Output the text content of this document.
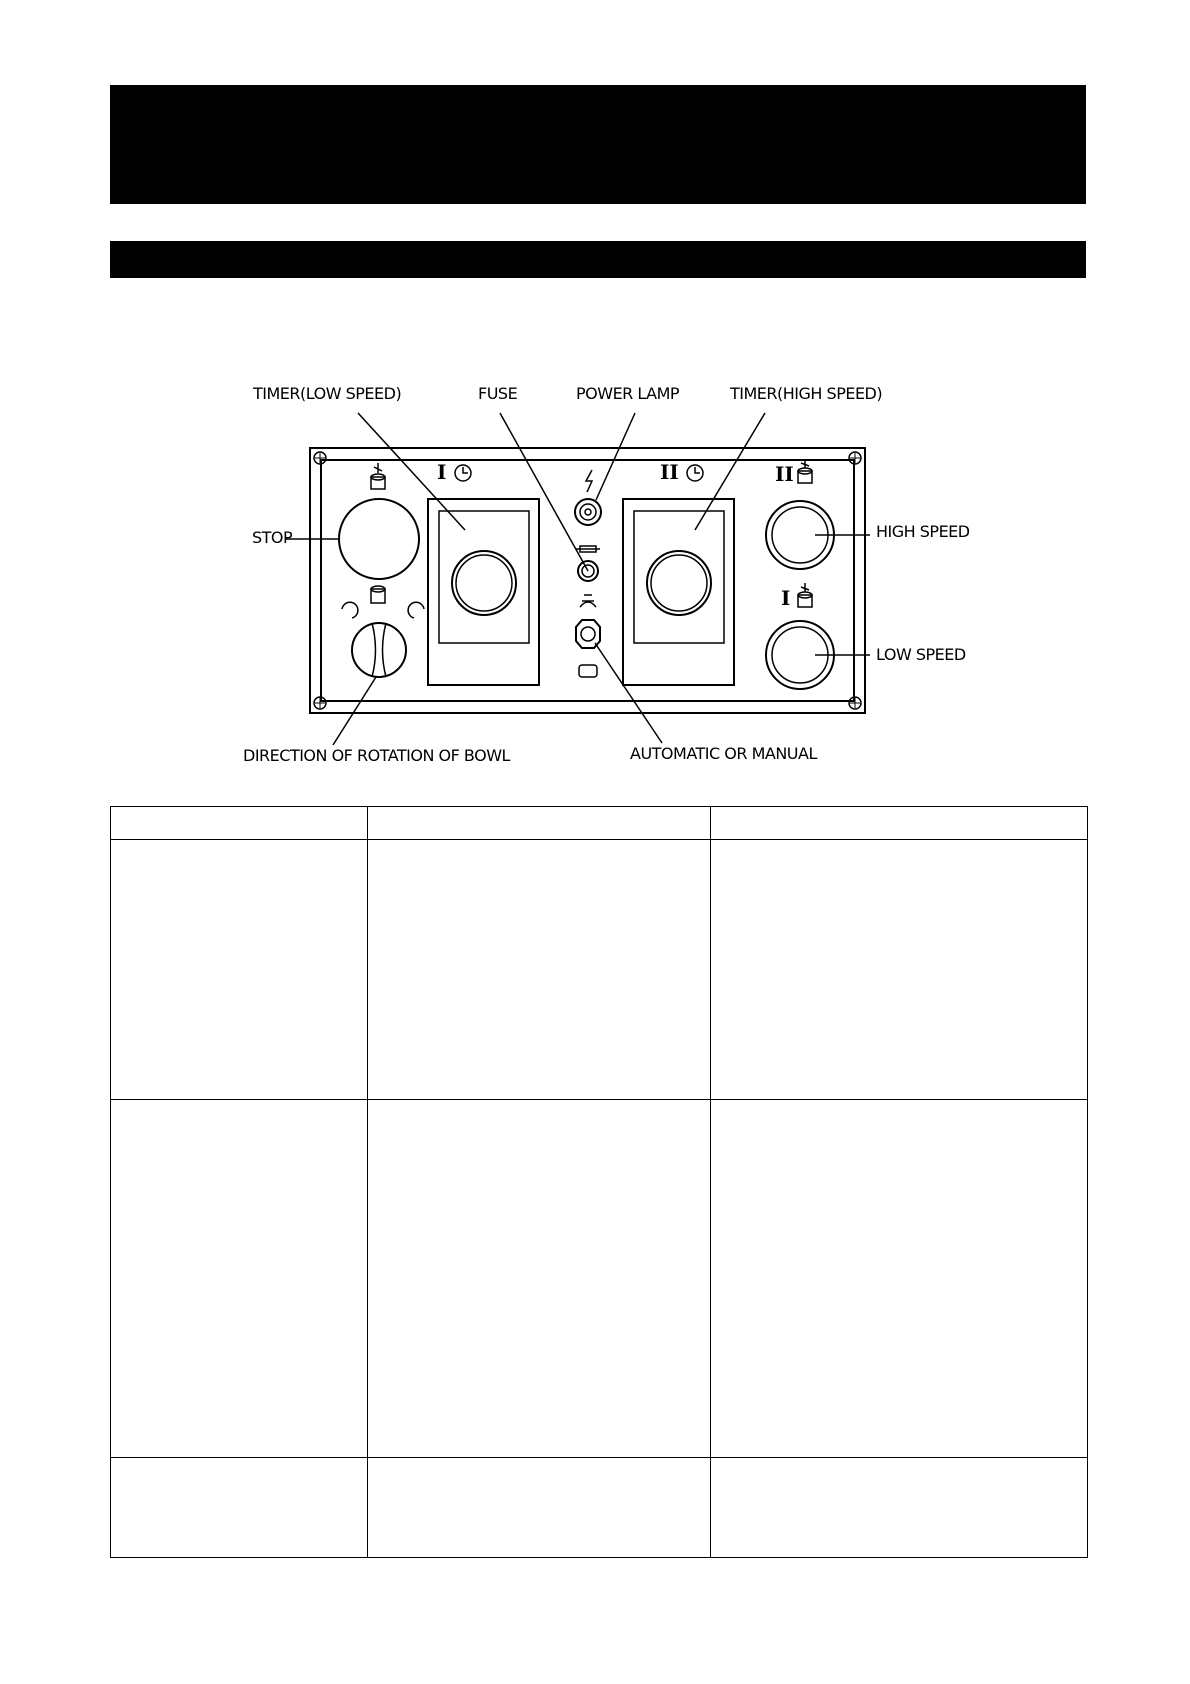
TIMER(LOW SPEED)	FUSE	POWER LAMP	TIMER(HIGH SPEED)
STOP	HIGH SPEED
LOW SPEED
DIRECTION OF ROTATION OF BOWL	AUTOMATIC OR MANUAL
I	II	II
I
